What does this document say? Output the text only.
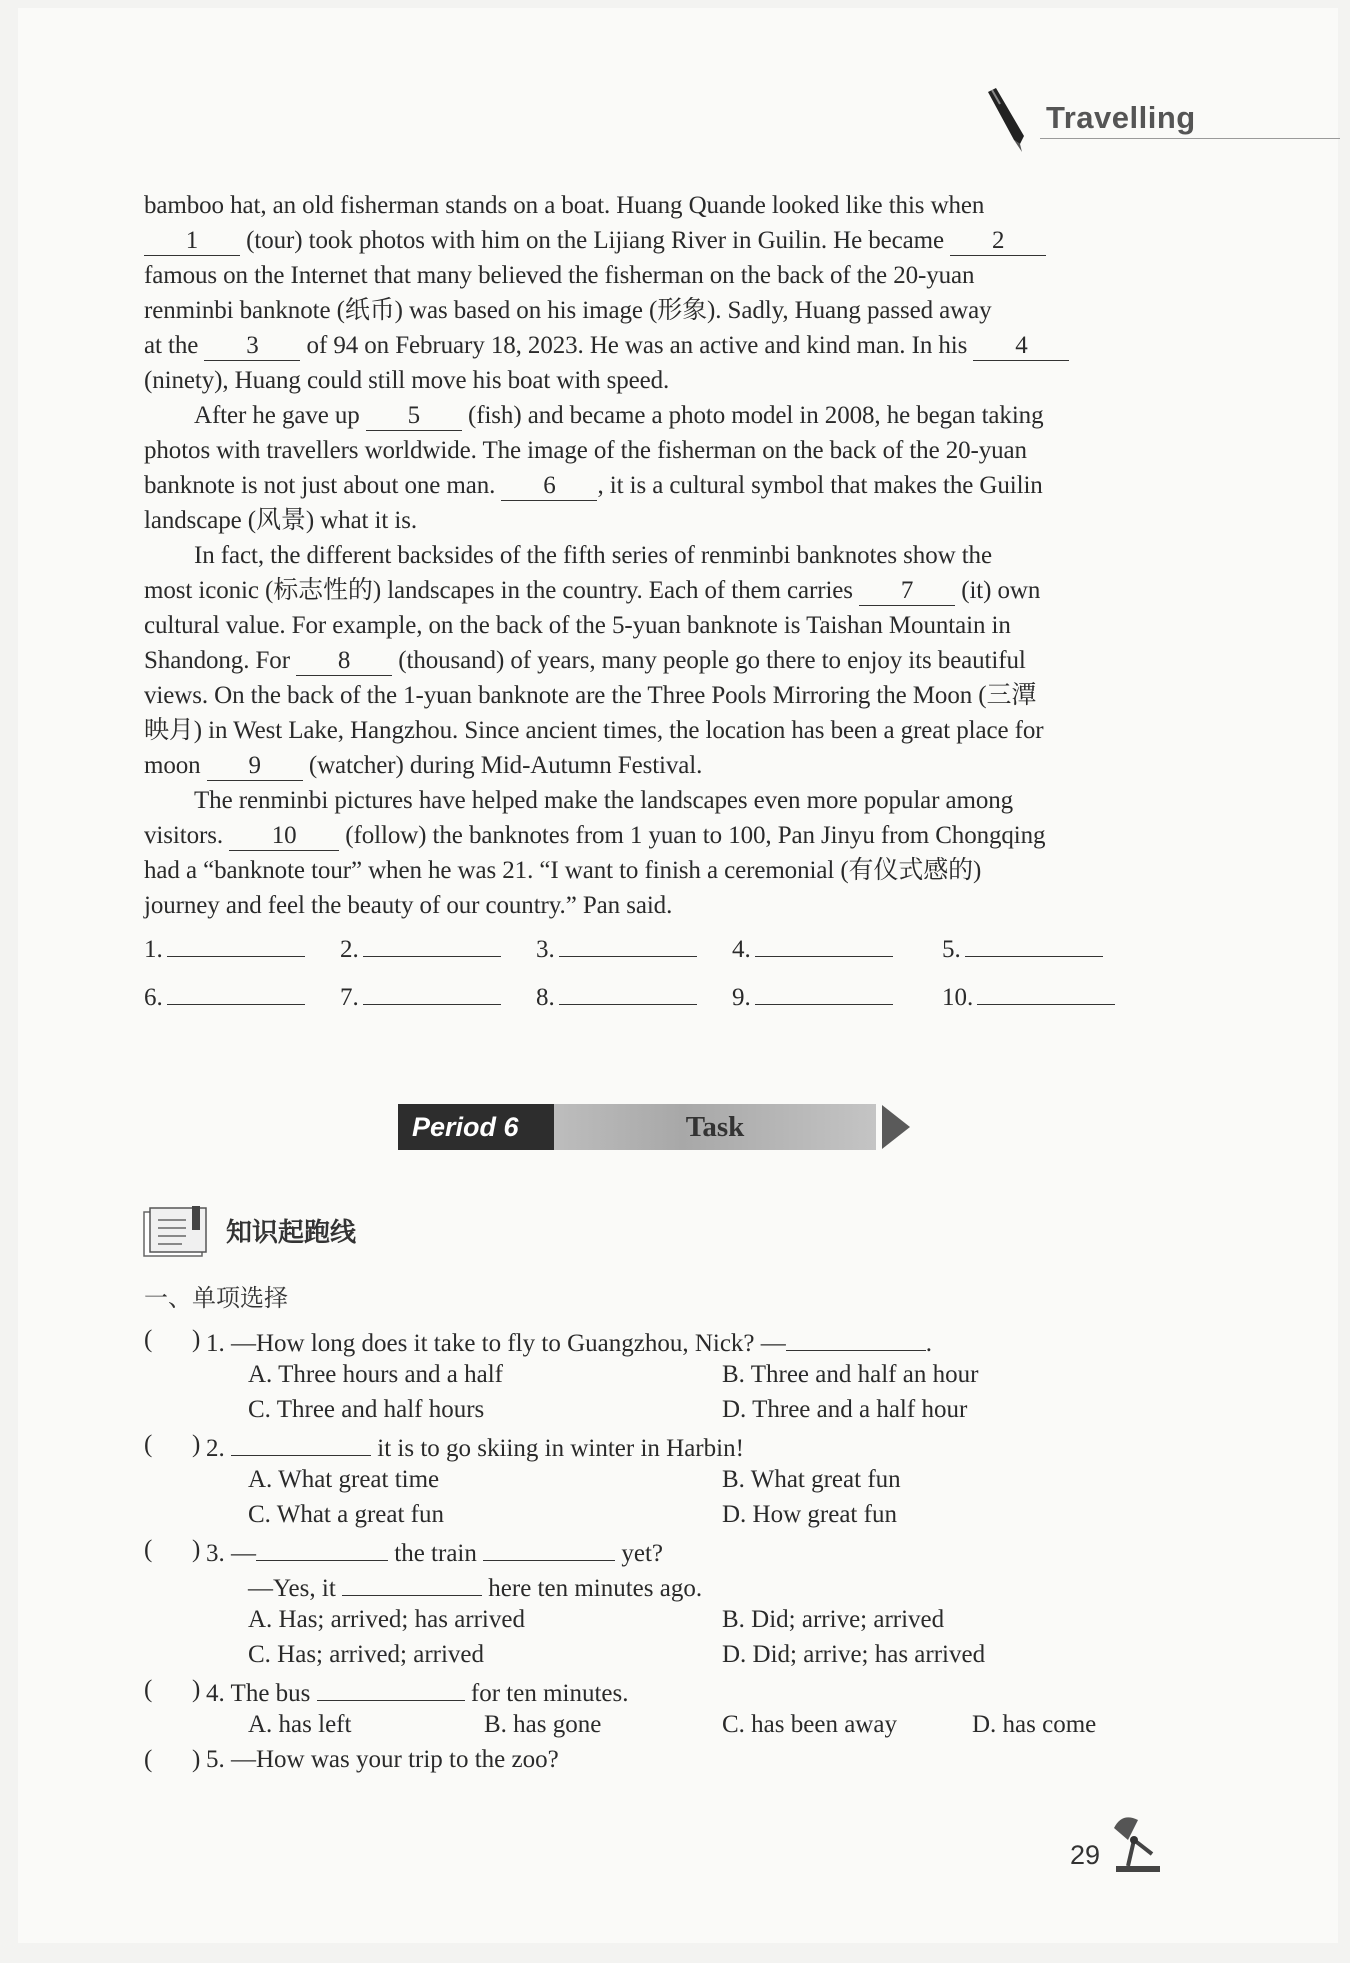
Travelling
bamboo hat, an old fisherman stands on a boat. Huang Quande looked like this when
1 (tour) took photos with him on the Lijiang River in Guilin. He became 2
famous on the Internet that many believed the fisherman on the back of the 20-yuan
renminbi banknote (纸币) was based on his image (形象). Sadly, Huang passed away
at the 3 of 94 on February 18, 2023. He was an active and kind man. In his 4
(ninety), Huang could still move his boat with speed.
After he gave up 5 (fish) and became a photo model in 2008, he began taking
photos with travellers worldwide. The image of the fisherman on the back of the 20-yuan
banknote is not just about one man. 6 , it is a cultural symbol that makes the Guilin
landscape (风景) what it is.
In fact, the different backsides of the fifth series of renminbi banknotes show the
most iconic (标志性的) landscapes in the country. Each of them carries 7 (it) own
cultural value. For example, on the back of the 5-yuan banknote is Taishan Mountain in
Shandong. For 8 (thousand) of years, many people go there to enjoy its beautiful
views. On the back of the 1-yuan banknote are the Three Pools Mirroring the Moon (三潭
映月) in West Lake, Hangzhou. Since ancient times, the location has been a great place for
moon 9 (watcher) during Mid-Autumn Festival.
The renminbi pictures have helped make the landscapes even more popular among
visitors. 10 (follow) the banknotes from 1 yuan to 100, Pan Jinyu from Chongqing
had a “banknote tour” when he was 21. “I want to finish a ceremonial (有仪式感的)
journey and feel the beauty of our country.” Pan said.
1.	2.	3.	4.	5.
6.	7.	8.	9.	10.
Period 6	Task
知识起跑线
一、单项选择
( ) 1. —How long does it take to fly to Guangzhou, Nick? —	.
A. Three hours and a half	B. Three and half an hour
C. Three and half hours	D. Three and a half hour
( ) 2.	it is to go skiing in winter in Harbin!
A. What great time	B. What great fun
C. What a great fun	D. How great fun
( ) 3. —	the train	yet?
—Yes, it	here ten minutes ago.
A. Has; arrived; has arrived	B. Did; arrive; arrived
C. Has; arrived; arrived	D. Did; arrive; has arrived
( ) 4. The bus	for ten minutes.
A. has left	B. has gone	C. has been away	D. has come
( ) 5. —How was your trip to the zoo?
29
